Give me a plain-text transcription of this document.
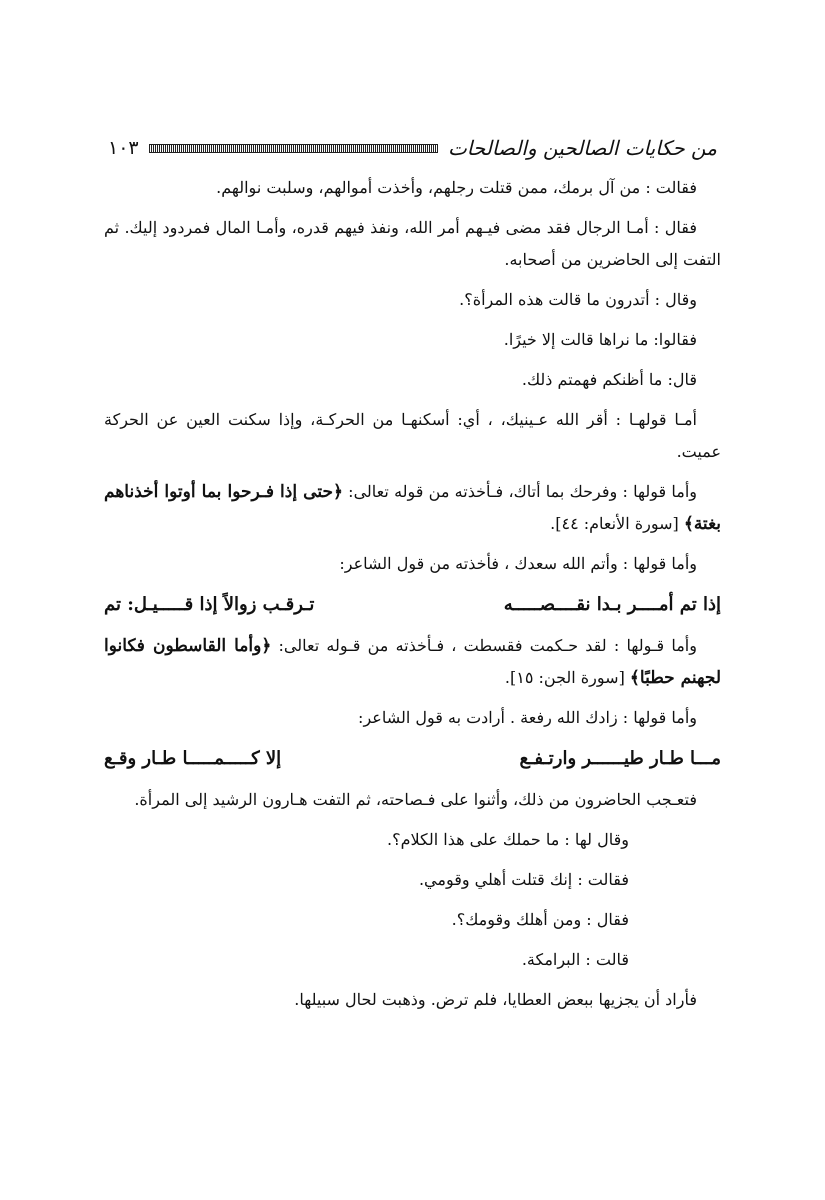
من حكايات الصالحين والصالحات
١٠٣

فقالت : من آل برمك، ممن قتلت رجلهم، وأخذت أموالهم، وسلبت نوالهم.

فقال : أمـا الرجال فقد مضى فيـهم أمر الله، ونفذ فيهم قدره، وأمـا المال فمردود إليك. ثم التفت إلى الحاضرين من أصحابه.

وقال : أتدرون ما قالت هذه المرأة؟.

فقالوا: ما نراها قالت إلا خيرًا.

قال: ما أظنكم فهمتم ذلك.

أمـا قولهـا : أقر الله عـينيك، ، أي: أسكنهـا من الحركـة، وإذا سكنت العين عن الحركة عميت.

وأما قولها : وفرحك بما أتاك، فـأخذته من قوله تعالى: ﴿حتى إذا فـرحوا بما أوتوا أخذناهم بغتة﴾ [سورة الأنعام: ٤٤].

وأما قولها : وأتم الله سعدك ، فأخذته من قول الشاعر:

إذا تم أمــــر بـدا نقــــصـــــه
تـرقـب زوالاً إذا قـــــيـل: تم

وأما قـولها : لقد حـكمت فقسطت ، فـأخذته من قـوله تعالى: ﴿وأما القاسطون فكانوا لجهنم حطبًا﴾ [سورة الجن: ١٥].

وأما قولها : زادك الله رفعة . أرادت به قول الشاعر:

مـــا طـار طيــــــر وارتـفـع
إلا كـــــمـــــا طـار وقـع

فتعـجب الحاضرون من ذلك، وأثنوا على فـصاحته، ثم التفت هـارون الرشيد إلى المرأة.

وقال لها : ما حملك على هذا الكلام؟.

فقالت : إنك قتلت أهلي وقومي.

فقال : ومن أهلك وقومك؟.

قالت : البرامكة.

فأراد أن يجزيها ببعض العطايا، فلم ترض. وذهبت لحال سبيلها.
